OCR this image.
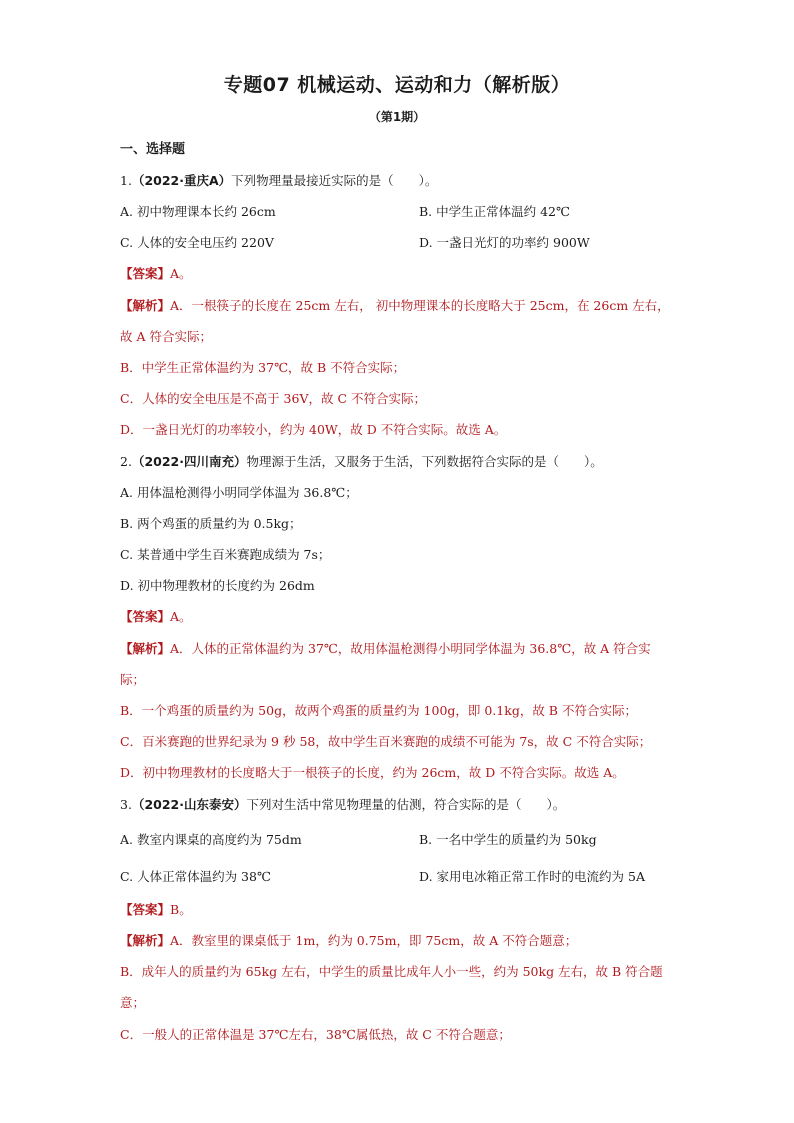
专题07 机械运动、运动和力（解析版）
（第1期）
一、选择题
1.（2022·重庆A）下列物理量最接近实际的是（　　）。
A. 初中物理课本长约 26cm	B. 中学生正常体温约 42℃
C. 人体的安全电压约 220V	D. 一盏日光灯的功率约 900W
【答案】A。
【解析】A．一根筷子的长度在 25cm 左右， 初中物理课本的长度略大于 25cm，在 26cm 左右，
故 A 符合实际；
B．中学生正常体温约为 37℃，故 B 不符合实际；
C．人体的安全电压是不高于 36V，故 C 不符合实际；
D．一盏日光灯的功率较小，约为 40W，故 D 不符合实际。故选 A。
2.（2022·四川南充）物理源于生活，又服务于生活，下列数据符合实际的是（　　）。
A. 用体温枪测得小明同学体温为 36.8℃；
B. 两个鸡蛋的质量约为 0.5kg；
C. 某普通中学生百米赛跑成绩为 7s；
D. 初中物理教材的长度约为 26dm
【答案】A。
【解析】A．人体的正常体温约为 37℃，故用体温枪测得小明同学体温为 36.8℃，故 A 符合实
际；
B．一个鸡蛋的质量约为 50g，故两个鸡蛋的质量约为 100g，即 0.1kg，故 B 不符合实际；
C．百米赛跑的世界纪录为 9 秒 58，故中学生百米赛跑的成绩不可能为 7s，故 C 不符合实际；
D．初中物理教材的长度略大于一根筷子的长度，约为 26cm，故 D 不符合实际。故选 A。
3.（2022·山东泰安）下列对生活中常见物理量的估测，符合实际的是（　　）。
A. 教室内课桌的高度约为 75dm	B. 一名中学生的质量约为 50kg
C. 人体正常体温约为 38℃	D. 家用电冰箱正常工作时的电流约为 5A
【答案】B。
【解析】A．教室里的课桌低于 1m，约为 0.75m，即 75cm，故 A 不符合题意；
B．成年人的质量约为 65kg 左右，中学生的质量比成年人小一些，约为 50kg 左右，故 B 符合题
意；
C．一般人的正常体温是 37℃左右，38℃属低热，故 C 不符合题意；
